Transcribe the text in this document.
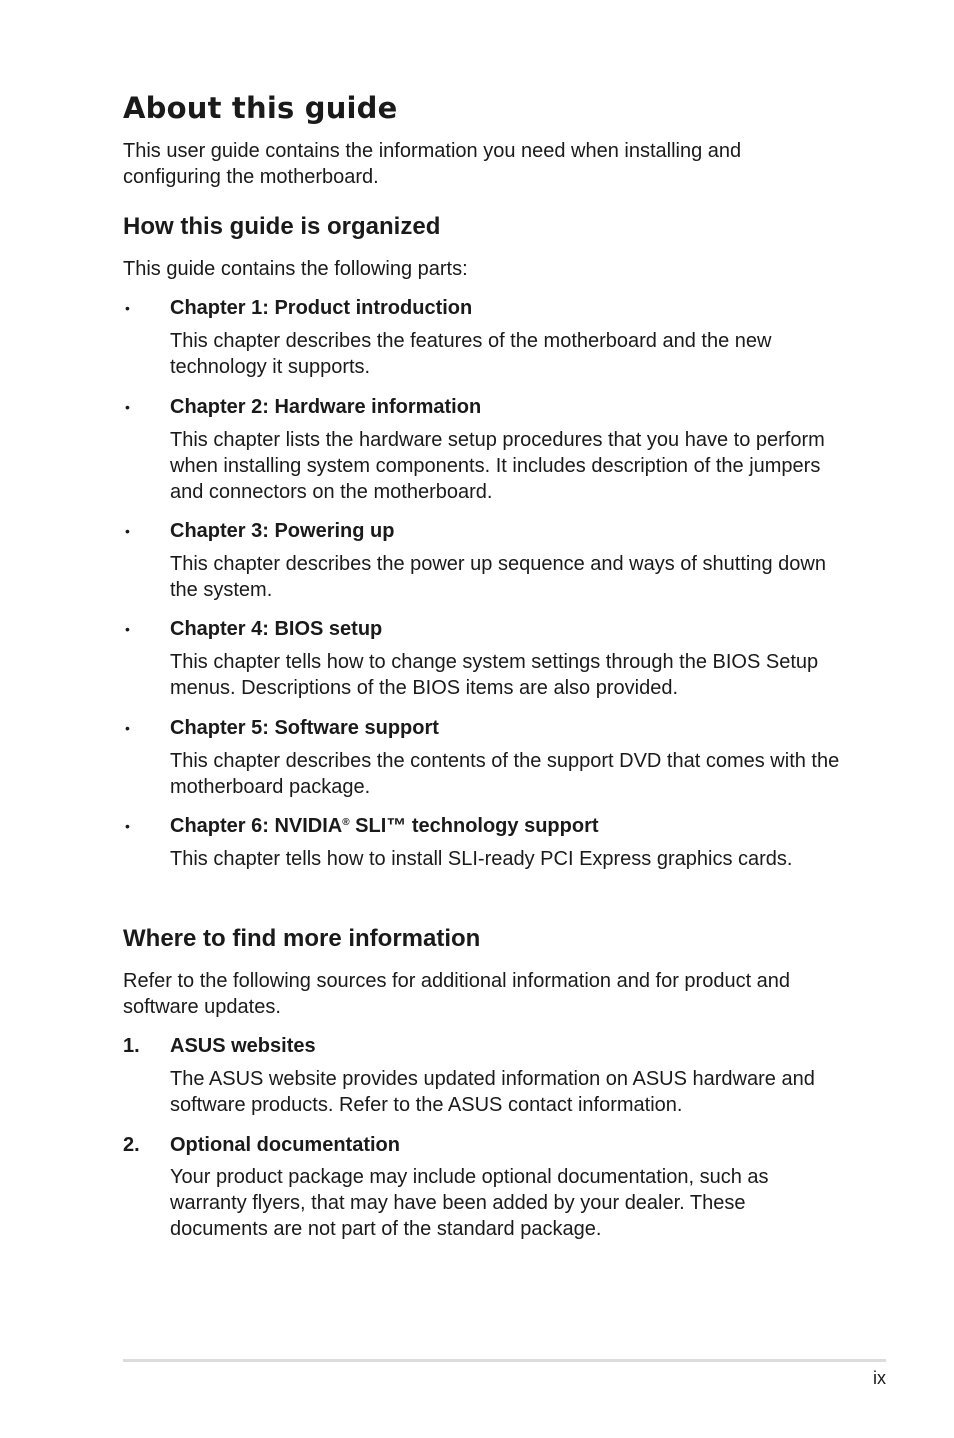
About this guide

This user guide contains the information you need when installing and configuring the motherboard.

How this guide is organized

This guide contains the following parts:

•	Chapter 1: Product introduction

This chapter describes the features of the motherboard and the new technology it supports.

•	Chapter 2: Hardware information

This chapter lists the hardware setup procedures that you have to perform when installing system components. It includes description of the jumpers and connectors on the motherboard.

•	Chapter 3: Powering up

This chapter describes the power up sequence and ways of shutting down the system.

•	Chapter 4: BIOS setup

This chapter tells how to change system settings through the BIOS Setup menus. Descriptions of the BIOS items are also provided.

•	Chapter 5: Software support

This chapter describes the contents of the support DVD that comes with the motherboard package.

•	Chapter 6: NVIDIA® SLI™ technology support

This chapter tells how to install SLI-ready PCI Express graphics cards.

Where to find more information

Refer to the following sources for additional information and for product and software updates.

1.	ASUS websites

The ASUS website provides updated information on ASUS hardware and software products. Refer to the ASUS contact information.

2.	Optional documentation

Your product package may include optional documentation, such as warranty flyers, that may have been added by your dealer. These documents are not part of the standard package.

ix
